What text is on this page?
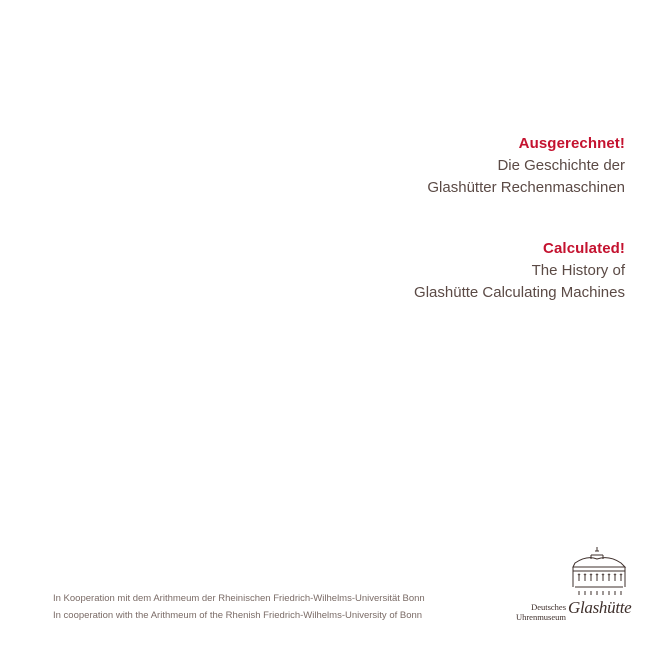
Ausgerechnet!
Die Geschichte der
Glashütter Rechenmaschinen
Calculated!
The History of
Glashütte Calculating Machines
In Kooperation mit dem Arithmeum der Rheinischen Friedrich-Wilhelms-Universität Bonn
In cooperation with the Arithmeum of the Rhenish Friedrich-Wilhelms-University of Bonn
Deutsches
Uhrenmuseum Glashütte
